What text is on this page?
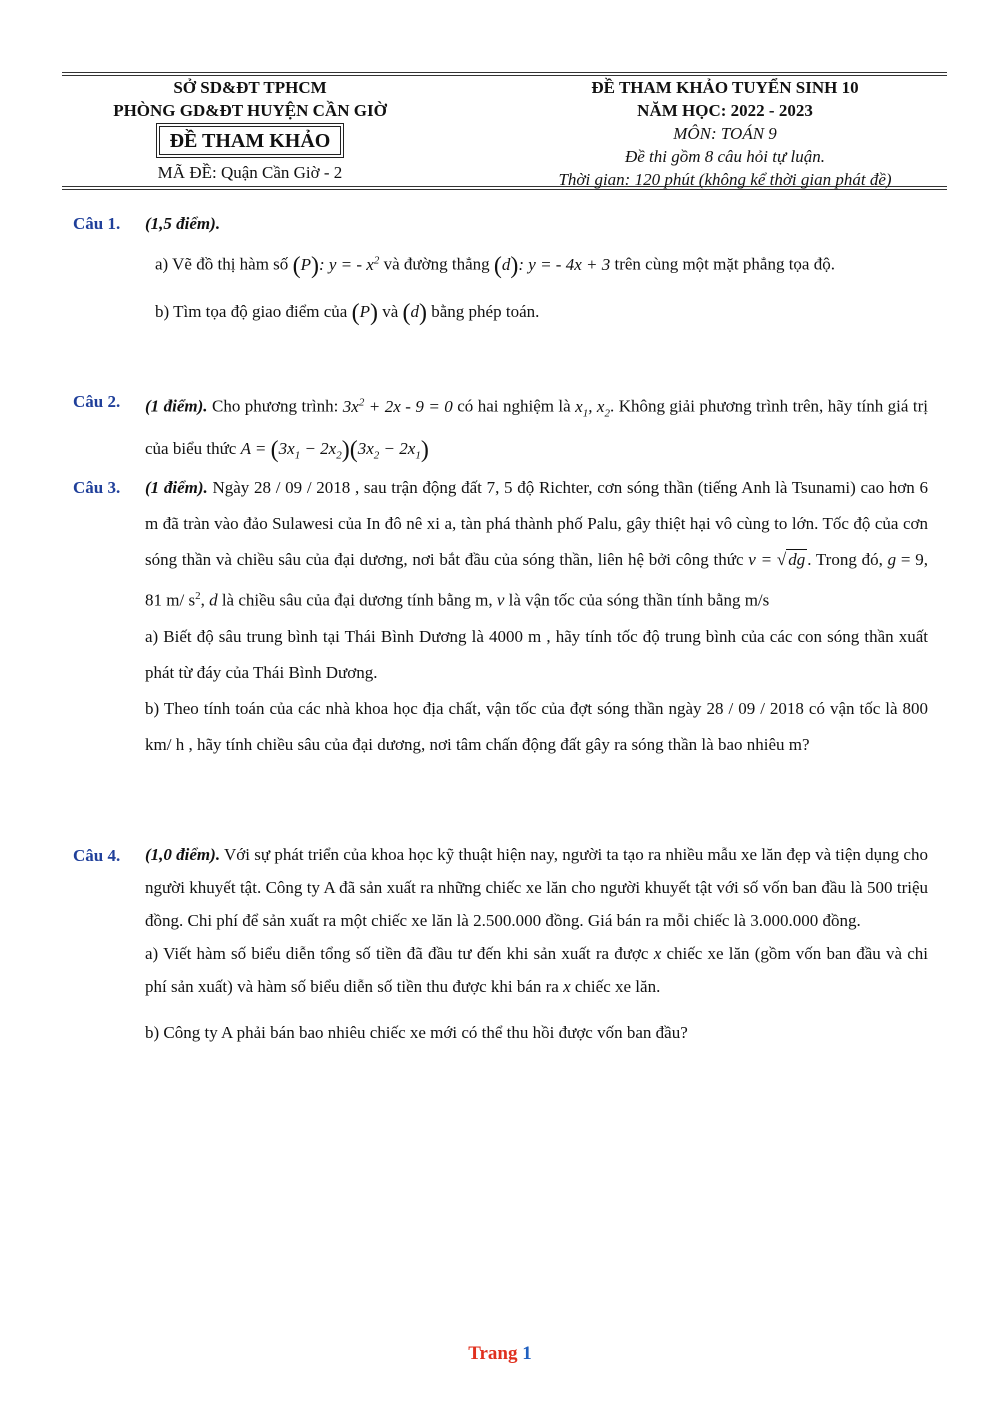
SỞ SD&ĐT TPHCM
PHÒNG GD&ĐT HUYỆN CẦN GIỜ
ĐỀ THAM KHẢO
MÃ ĐỀ: Quận Cần Giờ - 2
ĐỀ THAM KHẢO TUYỂN SINH 10
NĂM HỌC: 2022 - 2023
MÔN: TOÁN 9
Đề thi gồm 8 câu hỏi tự luận.
Thời gian: 120 phút (không kể thời gian phát đề)
Câu 1. (1,5 điểm).
a) Vẽ đồ thị hàm số (P): y = - $x^2$ và đường thẳng (d): y = - 4x + 3 trên cùng một mặt phẳng tọa độ.
b) Tìm tọa độ giao điểm của (P) và (d) bằng phép toán.
Câu 2. (1 điểm). Cho phương trình: $3x^2 + 2x - 9 = 0$ có hai nghiệm là $x_1$, $x_2$. Không giải phương trình trên, hãy tính giá trị của biểu thức $A = (3x_1 - 2x_2)(3x_2 - 2x_1)$
Câu 3. (1 điểm). Ngày 28 / 09 / 2018 , sau trận động đất 7, 5 độ Richter, cơn sóng thần (tiếng Anh là Tsunami) cao hơn 6 m đã tràn vào đảo Sulawesi của In đô nê xi a, tàn phá thành phố Palu, gây thiệt hại vô cùng to lớn. Tốc độ của cơn sóng thần và chiều sâu của đại dương, nơi bắt đầu của sóng thần, liên hệ bởi công thức v = √ dg . Trong đó, g = 9, 81 m/ $s^2$, d là chiều sâu của đại dương tính bằng m, v là vận tốc của sóng thần tính bằng m/s
a) Biết độ sâu trung bình tại Thái Bình Dương là 4000 m , hãy tính tốc độ trung bình của các con sóng thần xuất phát từ đáy của Thái Bình Dương.
b) Theo tính toán của các nhà khoa học địa chất, vận tốc của đợt sóng thần ngày 28 / 09 / 2018 có vận tốc là 800 km/ h , hãy tính chiều sâu của đại dương, nơi tâm chấn động đất gây ra sóng thần là bao nhiêu m?
Câu 4. (1,0 điểm). Với sự phát triển của khoa học kỹ thuật hiện nay, người ta tạo ra nhiều mẫu xe lăn đẹp và tiện dụng cho người khuyết tật. Công ty A đã sản xuất ra những chiếc xe lăn cho người khuyết tật với số vốn ban đầu là 500 triệu đồng. Chi phí để sản xuất ra một chiếc xe lăn là 2.500.000 đồng. Giá bán ra mỗi chiếc là 3.000.000 đồng.
a) Viết hàm số biểu diễn tổng số tiền đã đầu tư đến khi sản xuất ra được x chiếc xe lăn (gồm vốn ban đầu và chi phí sản xuất) và hàm số biểu diễn số tiền thu được khi bán ra x chiếc xe lăn.
b) Công ty A phải bán bao nhiêu chiếc xe mới có thể thu hồi được vốn ban đầu?
Trang 1
